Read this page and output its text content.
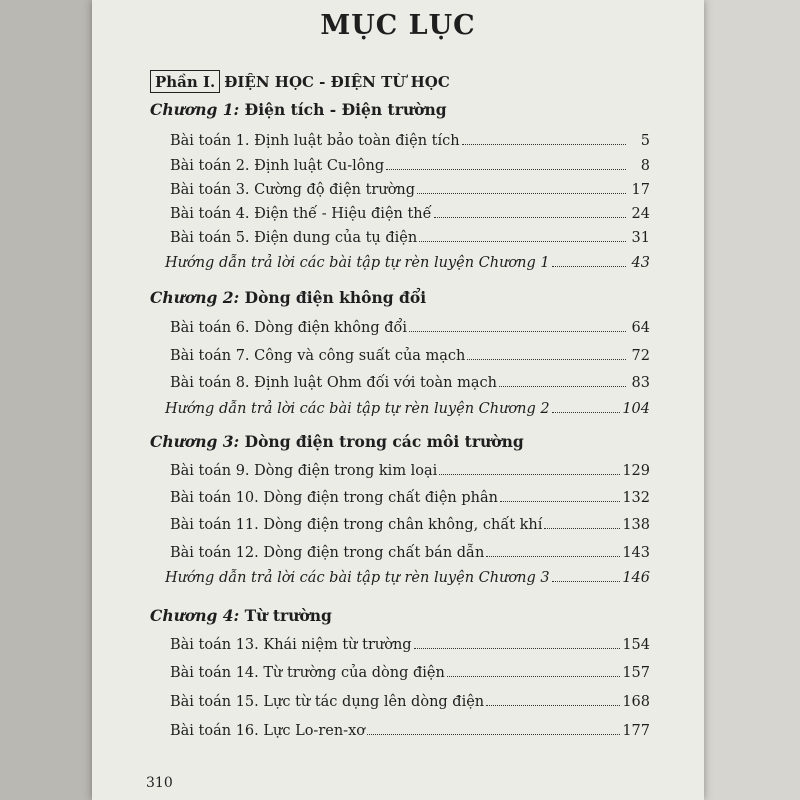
MỤC LỤC
Phần I. ĐIỆN HỌC - ĐIỆN TỪ HỌC
Chương 1: Điện tích - Điện trường
Bài toán 1. Định luật bảo toàn điện tích	5
Bài toán 2. Định luật Cu-lông	8
Bài toán 3. Cường độ điện trường	17
Bài toán 4. Điện thế - Hiệu điện thế	24
Bài toán 5. Điện dung của tụ điện	31
Hướng dẫn trả lời các bài tập tự rèn luyện Chương 1	43
Chương 2: Dòng điện không đổi
Bài toán 6. Dòng điện không đổi	64
Bài toán 7. Công và công suất của mạch	72
Bài toán 8. Định luật Ohm đối với toàn mạch	83
Hướng dẫn trả lời các bài tập tự rèn luyện Chương 2	104
Chương 3: Dòng điện trong các môi trường
Bài toán 9. Dòng điện trong kim loại	129
Bài toán 10. Dòng điện trong chất điện phân	132
Bài toán 11. Dòng điện trong chân không, chất khí	138
Bài toán 12. Dòng điện trong chất bán dẫn	143
Hướng dẫn trả lời các bài tập tự rèn luyện Chương 3	146
Chương 4: Từ trường
Bài toán 13. Khái niệm từ trường	154
Bài toán 14. Từ trường của dòng điện	157
Bài toán 15. Lực từ tác dụng lên dòng điện	168
Bài toán 16. Lực Lo-ren-xơ	177
310
